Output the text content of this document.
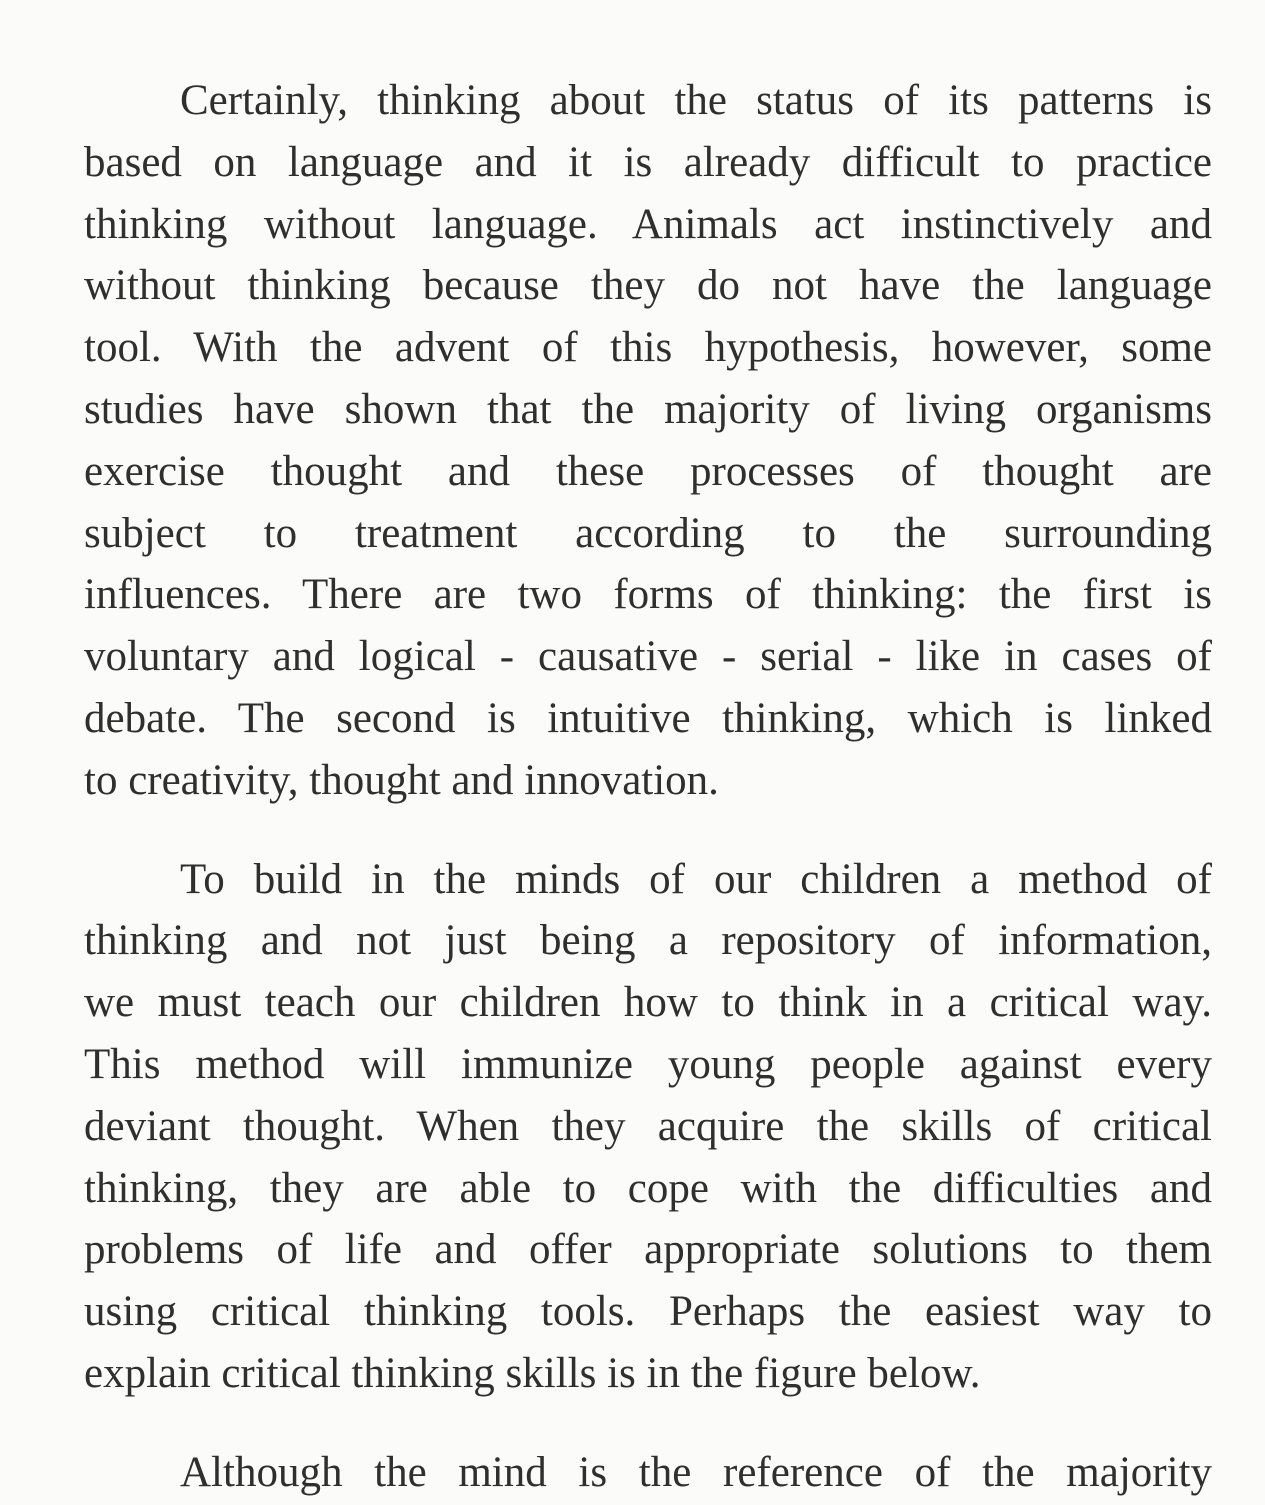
Certainly, thinking about the status of its patterns is
based on language and it is already difficult to practice
thinking without language. Animals act instinctively and
without thinking because they do not have the language
tool. With the advent of this hypothesis, however, some
studies have shown that the majority of living organisms
exercise thought and these processes of thought are
subject to treatment according to the surrounding
influences. There are two forms of thinking: the first is
voluntary and logical - causative - serial - like in cases of
debate. The second is intuitive thinking, which is linked
to creativity, thought and innovation.
To build in the minds of our children a method of
thinking and not just being a repository of information,
we must teach our children how to think in a critical way.
This method will immunize young people against every
deviant thought. When they acquire the skills of critical
thinking, they are able to cope with the difficulties and
problems of life and offer appropriate solutions to them
using critical thinking tools. Perhaps the easiest way to
explain critical thinking skills is in the figure below.
Although the mind is the reference of the majority
